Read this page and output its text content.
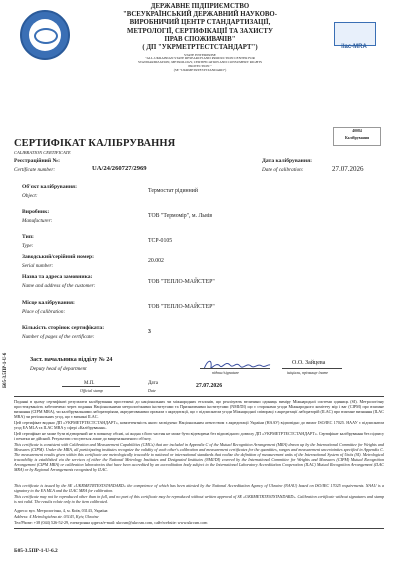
ilac-MRA
ДЕРЖАВНЕ ПІДПРИЄМСТВО
"ВСЕУКРАЇНСЬКИЙ ДЕРЖАВНИЙ НАУКОВО-
ВИРОБНИЧИЙ ЦЕНТР СТАНДАРТИЗАЦІЇ,
МЕТРОЛОГІЇ, СЕРТИФІКАЦІЇ ТА ЗАХИСТУ
ПРАВ СПОЖИВАЧІВ"
( ДП "УКРМЕТРТЕСТСТАНДАРТ")
STATE ENTERPRISE
"ALL-UKRAINIAN STATE RESEARCH AND PRODUCTION CENTER FOR
STANDARDIZATION, METROLOGY, CERTIFICATION AND CONSUMERS' RIGHTS
PROTECTION "
(SE "UKRMETRTESTSTANDARD")
40084
Калібрування
СЕРТИФІКАТ КАЛІБРУВАННЯ
CALIBRATION CERTIFICATE
Реєстраційний №:
Certificate number:	UA/24/260727/2969
Дата калібрування:
Date of calibration:	27.07.2026
Об'єкт калібрування:
Object:
Термостат рідинний
Виробник:
Manufacturer:
ТОВ "Термомір", м. Львів
Тип:
Type:
TCP-0105
Заводський/серійний номер:
Serial number:
20.002
Назва та адреса замовника:
Name and address of the customer:
ТОВ "ТЕПЛО-МАЙСТЕР"
Місце калібрування:
Place of calibration:
ТОВ "ТЕПЛО-МАЙСТЕР"
Кількість сторінок сертифіката:
Number of pages of the certificate:
3
Б05-3.5ПР-1-U-6	Заст. начальника відділу № 24
Deputy head of department
підпис/signature
О.О. Зайцева
ініціали, прізвище /name
М.П.
Official stamp
Дата
Date
27.07.2026
Поданні в цьому сертифікаті результати калібрування простежені до національних чи міжнародних еталонів, що реалізують величини одиниць виміру Міжнародної системи одиниць (SI). Метрологічну простежуваність забезпечено через подання Національними метрологічними інститутами та Призначеними інститутами (NMI/DI) що є сторонами угоди Міжнародного комітету мір і ваг (CIPM) про взаємне визнання (CIPM MRA), чи калібрувальними лабораторіями, акредитованими органом з акредитації, що є підписантом угоди Міжнародної співпраці з акредитації лабораторій (ILAC) про взаємне визнання (ILAC MRA) чи регіональних угод, що є визнані ILAC.
Цей сертифікат видано ДП «УКРМЕТРТЕСТСТАНДАРТ», компетентність якого засвідчено Національним агентством з акредитації України (НААУ) відповідно до вимог ISO/IEC 17025. НААУ є підписантом угод EA MLA та ILAC MRA у сфері «Калібрування».
Цей сертифікат не може бути відтворений не в повному обсязі, ні жодна з його частин не може бути відтворена без відповідного дозволу ДП «УКРМЕТРТЕСТСТАНДАРТ». Сертифікат калібрування без підпису і печатки не дійсний. Результати стосуються лише до вищезазначеного об'єкту.
This certificate is consistent with Calibration and Measurement Capabilities (CMCs) that are included in Appendix C of the Mutual Recognition Arrangement (MRA) drawn up by the International Committee for Weights and Measures (CIPM). Under the MRA, all participating institutes recognize the validity of each other's calibration and measurement certificates for the quantities, ranges and measurement uncertainties specified in Appendix C. The measurement results given within this certificate are metrologically traceable to national or international standards that realize the definition of measurement units of the International System of Units (SI). Metrological traceability is established via the services of either the National Metrology Institutes and Designated Institutes (NMI/DI) covered by the International Committee for Weights and Measures (CIPM) Mutual Recognition Arrangement (CIPM MRA) or calibration laboratories that have been accredited by an accreditation body subject to the International Laboratory Accreditation Cooperation (ILAC) Mutual Recognition Arrangement (ILAC MRA) or by Regional Arrangements recognized by ILAC.
This certificate is issued by the SE «UKRMETRTESTSTANDARD» the competence of which has been attested by the National Accreditation Agency of Ukraine (NAAU) based on ISO/IEC 17025 requirements. NAAU is a signatory to the EA MLA and the ILAC MRA for calibration.
This certificate may not be reproduced other than in full, and no part of this certificate may be reproduced without written approval of SE «UKRMETRTESTSTANDARD». Calibration certificate without signatures and stamp is not valid. The results relate only to the item calibrated.
Адреса: вул. Метрологічна, 4, м. Київ, 03143, Україна
Address: 4 Metrologichna str. 03143, Kyiv, Ukraine
Тел/Phone: +38 (044) 526-52-29, електронна адреса/e-mail: ukrcsm@ukrcsm.com, сайт/website: www.ukrcsm.com
Б05-3.5ПР-1-U-6.2
